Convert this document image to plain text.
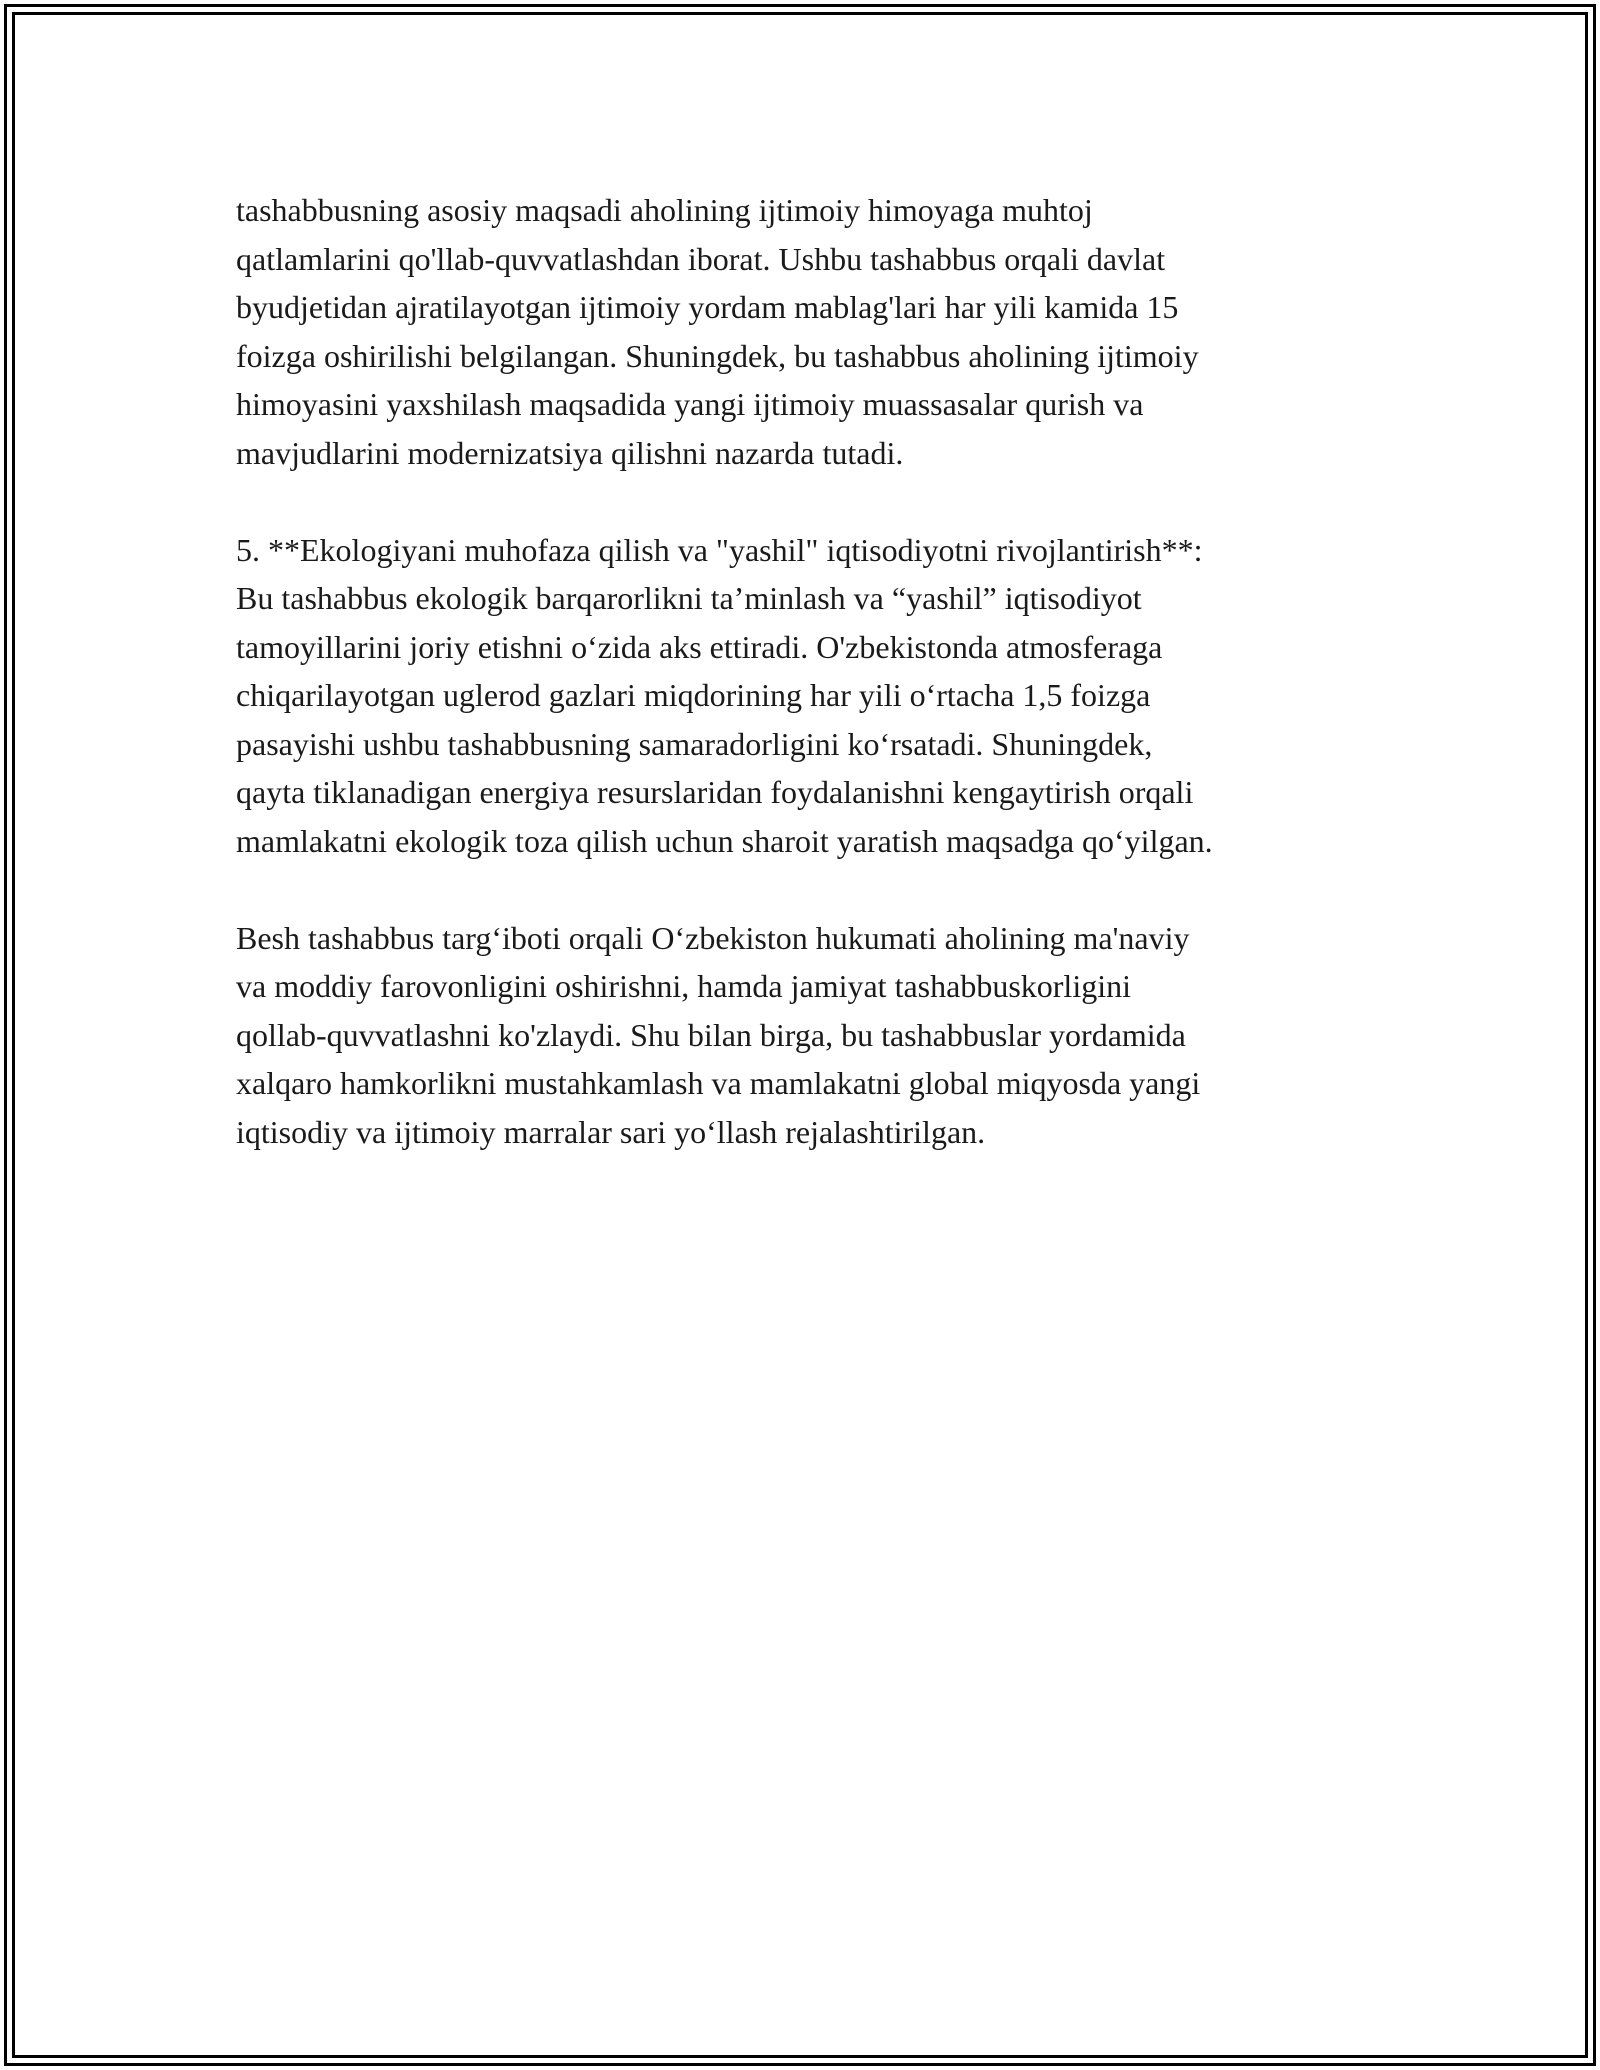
tashabbusning asosiy maqsadi aholining ijtimoiy himoyaga muhtoj
qatlamlarini qo'llab-quvvatlashdan iborat. Ushbu tashabbus orqali davlat
byudjetidan ajratilayotgan ijtimoiy yordam mablag'lari har yili kamida 15
foizga oshirilishi belgilangan. Shuningdek, bu tashabbus aholining ijtimoiy
himoyasini yaxshilash maqsadida yangi ijtimoiy muassasalar qurish va
mavjudlarini modernizatsiya qilishni nazarda tutadi.

5. **Ekologiyani muhofaza qilish va "yashil" iqtisodiyotni rivojlantirish**:
Bu tashabbus ekologik barqarorlikni ta’minlash va “yashil” iqtisodiyot
tamoyillarini joriy etishni o‘zida aks ettiradi. O'zbekistonda atmosferaga
chiqarilayotgan uglerod gazlari miqdorining har yili o‘rtacha 1,5 foizga
pasayishi ushbu tashabbusning samaradorligini ko‘rsatadi. Shuningdek,
qayta tiklanadigan energiya resurslaridan foydalanishni kengaytirish orqali
mamlakatni ekologik toza qilish uchun sharoit yaratish maqsadga qo‘yilgan.

Besh tashabbus targ‘iboti orqali O‘zbekiston hukumati aholining ma'naviy
va moddiy farovonligini oshirishni, hamda jamiyat tashabbuskorligini
qollab-quvvatlashni ko'zlaydi. Shu bilan birga, bu tashabbuslar yordamida
xalqaro hamkorlikni mustahkamlash va mamlakatni global miqyosda yangi
iqtisodiy va ijtimoiy marralar sari yo‘llash rejalashtirilgan.
